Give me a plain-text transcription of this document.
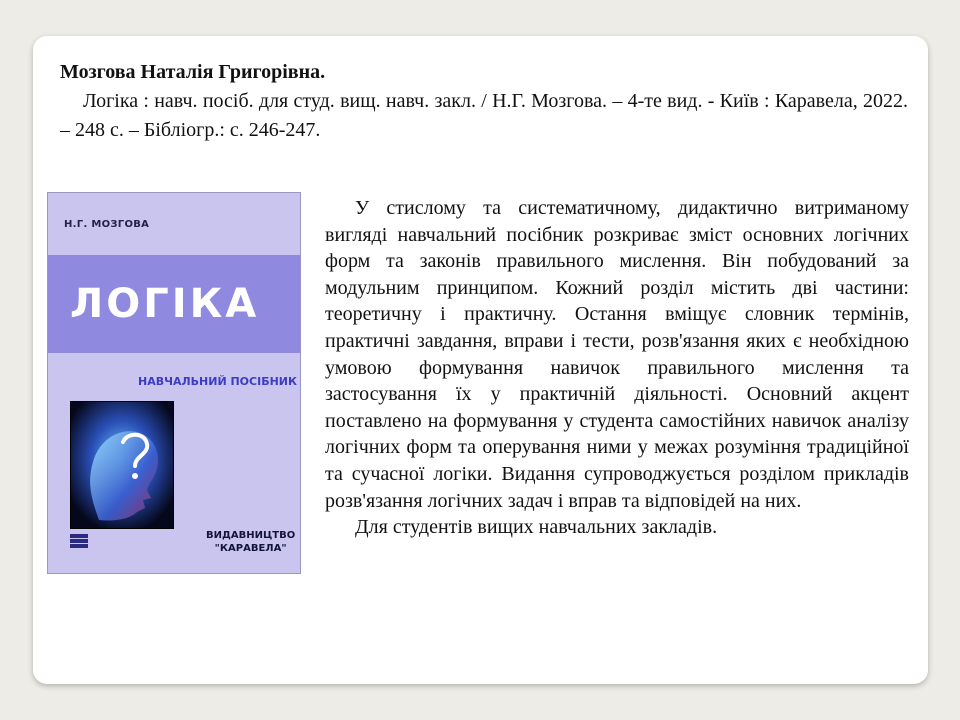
Мозгова Наталія Григорівна.
Логіка : навч. посіб. для студ. вищ. навч. закл. / Н.Г. Мозгова. – 4-те вид. - Київ : Каравела, 2022. – 248 с. – Бібліогр.: с. 246-247.
Н.Г. МОЗГОВА
ЛОГІКА
НАВЧАЛЬНИЙ ПОСІБНИК
ВИДАВНИЦТВО
"КАРАВЕЛА"

У стислому та систематичному, дидактично витриманому вигляді навчальний посібник розкриває зміст основних логічних форм та законів правильного мислення. Він побудований за модульним принципом. Кожний розділ містить дві частини: теоретичну і практичну. Остання вміщує словник термінів, практичні завдання, вправи і тести, розв'язання яких є необхідною умовою формування навичок правильного мислення та застосування їх у практичній діяльності. Основний акцент поставлено на формування у студента самостійних навичок аналізу логічних форм та оперування ними у межах розуміння традиційної та сучасної логіки. Видання супроводжується розділом прикладів розв'язання логічних задач і вправ та відповідей на них.

Для студентів вищих навчальних закладів.
